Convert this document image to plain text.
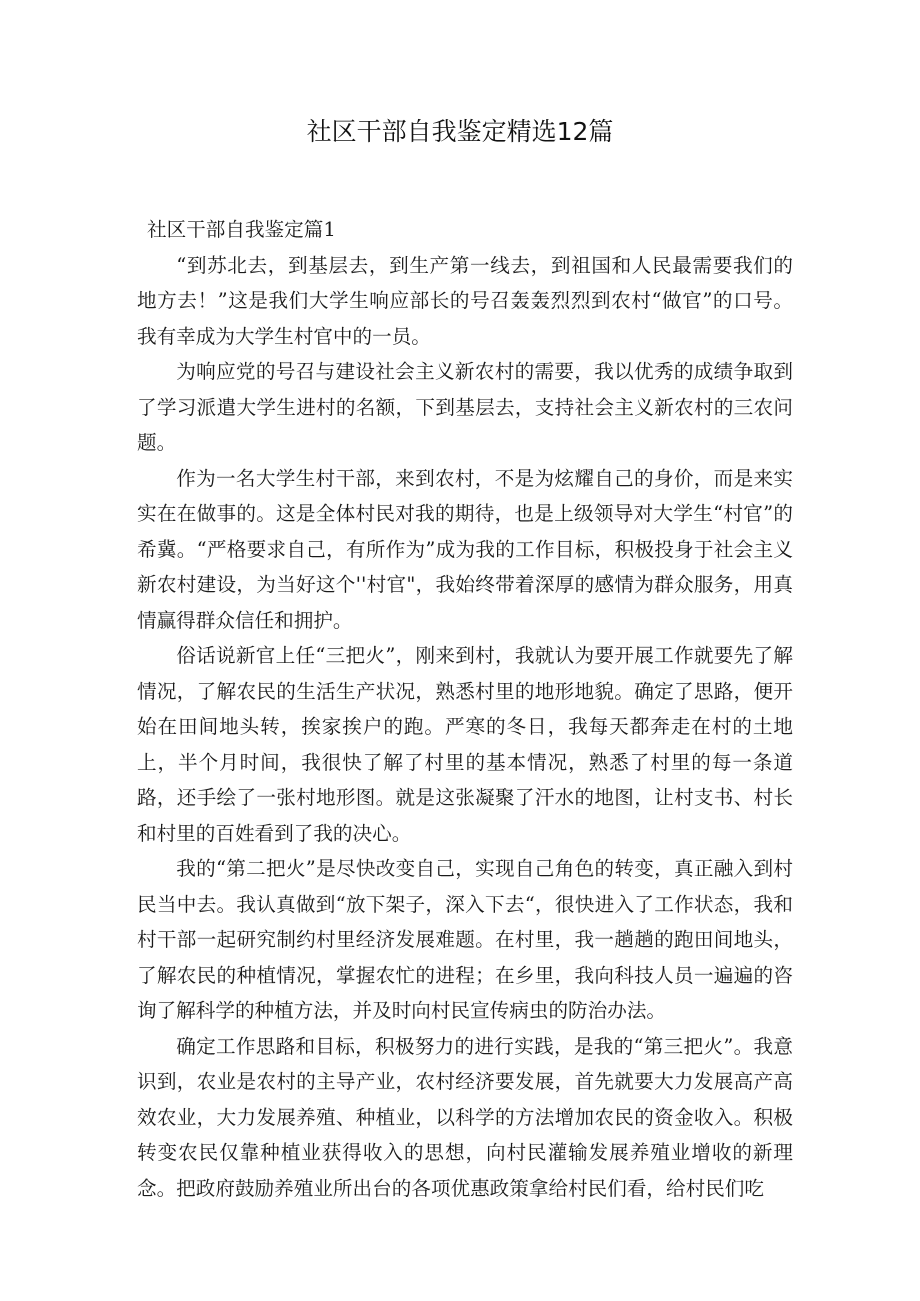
社区干部自我鉴定精选12篇
社区干部自我鉴定篇1

“到苏北去，到基层去，到生产第一线去，到祖国和人民最需要我们的地方去！”这是我们大学生响应部长的号召轰轰烈烈到农村“做官”的口号。我有幸成为大学生村官中的一员。

为响应党的号召与建设社会主义新农村的需要，我以优秀的成绩争取到了学习派遣大学生进村的名额，下到基层去，支持社会主义新农村的三农问题。

作为一名大学生村干部，来到农村，不是为炫耀自己的身价，而是来实实在在做事的。这是全体村民对我的期待，也是上级领导对大学生“村官”的希冀。“严格要求自己，有所作为”成为我的工作目标，积极投身于社会主义新农村建设，为当好这个''村官"，我始终带着深厚的感情为群众服务，用真情赢得群众信任和拥护。

俗话说新官上任“三把火”，刚来到村，我就认为要开展工作就要先了解情况，了解农民的生活生产状况，熟悉村里的地形地貌。确定了思路，便开始在田间地头转，挨家挨户的跑。严寒的冬日，我每天都奔走在村的土地上，半个月时间，我很快了解了村里的基本情况，熟悉了村里的每一条道路，还手绘了一张村地形图。就是这张凝聚了汗水的地图，让村支书、村长和村里的百姓看到了我的决心。

我的“第二把火”是尽快改变自己，实现自己角色的转变，真正融入到村民当中去。我认真做到“放下架子，深入下去“，很快进入了工作状态，我和村干部一起研究制约村里经济发展难题。在村里，我一趟趟的跑田间地头，了解农民的种植情况，掌握农忙的进程；在乡里，我向科技人员一遍遍的咨询了解科学的种植方法，并及时向村民宣传病虫的防治办法。

确定工作思路和目标，积极努力的进行实践，是我的“第三把火”。我意识到，农业是农村的主导产业，农村经济要发展，首先就要大力发展高产高效农业，大力发展养殖、种植业，以科学的方法增加农民的资金收入。积极转变农民仅靠种植业获得收入的思想，向村民灌输发展养殖业增收的新理念。把政府鼓励养殖业所出台的各项优惠政策拿给村民们看，给村民们吃
